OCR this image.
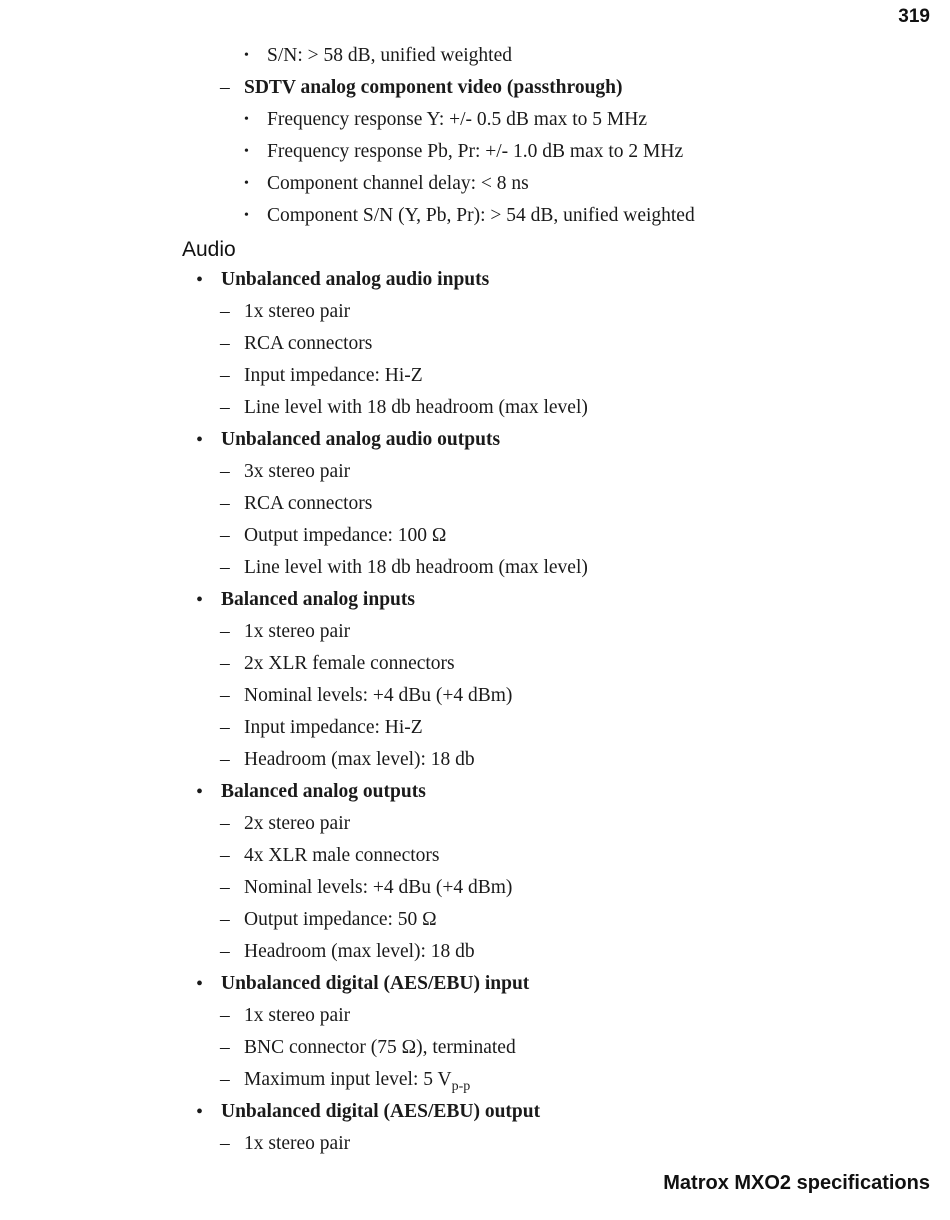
319
• S/N: > 58 dB, unified weighted
– SDTV analog component video (passthrough)
• Frequency response Y: +/- 0.5 dB max to 5 MHz
• Frequency response Pb, Pr: +/- 1.0 dB max to 2 MHz
• Component channel delay: < 8 ns
• Component S/N (Y, Pb, Pr): > 54 dB, unified weighted
Audio
• Unbalanced analog audio inputs
– 1x stereo pair
– RCA connectors
– Input impedance: Hi-Z
– Line level with 18 db headroom (max level)
• Unbalanced analog audio outputs
– 3x stereo pair
– RCA connectors
– Output impedance: 100 Ω
– Line level with 18 db headroom (max level)
• Balanced analog inputs
– 1x stereo pair
– 2x XLR female connectors
– Nominal levels: +4 dBu (+4 dBm)
– Input impedance: Hi-Z
– Headroom (max level): 18 db
• Balanced analog outputs
– 2x stereo pair
– 4x XLR male connectors
– Nominal levels: +4 dBu (+4 dBm)
– Output impedance: 50 Ω
– Headroom (max level): 18 db
• Unbalanced digital (AES/EBU) input
– 1x stereo pair
– BNC connector (75 Ω), terminated
– Maximum input level: 5 $V_{p-p}$
• Unbalanced digital (AES/EBU) output
– 1x stereo pair
Matrox MXO2 specifications
